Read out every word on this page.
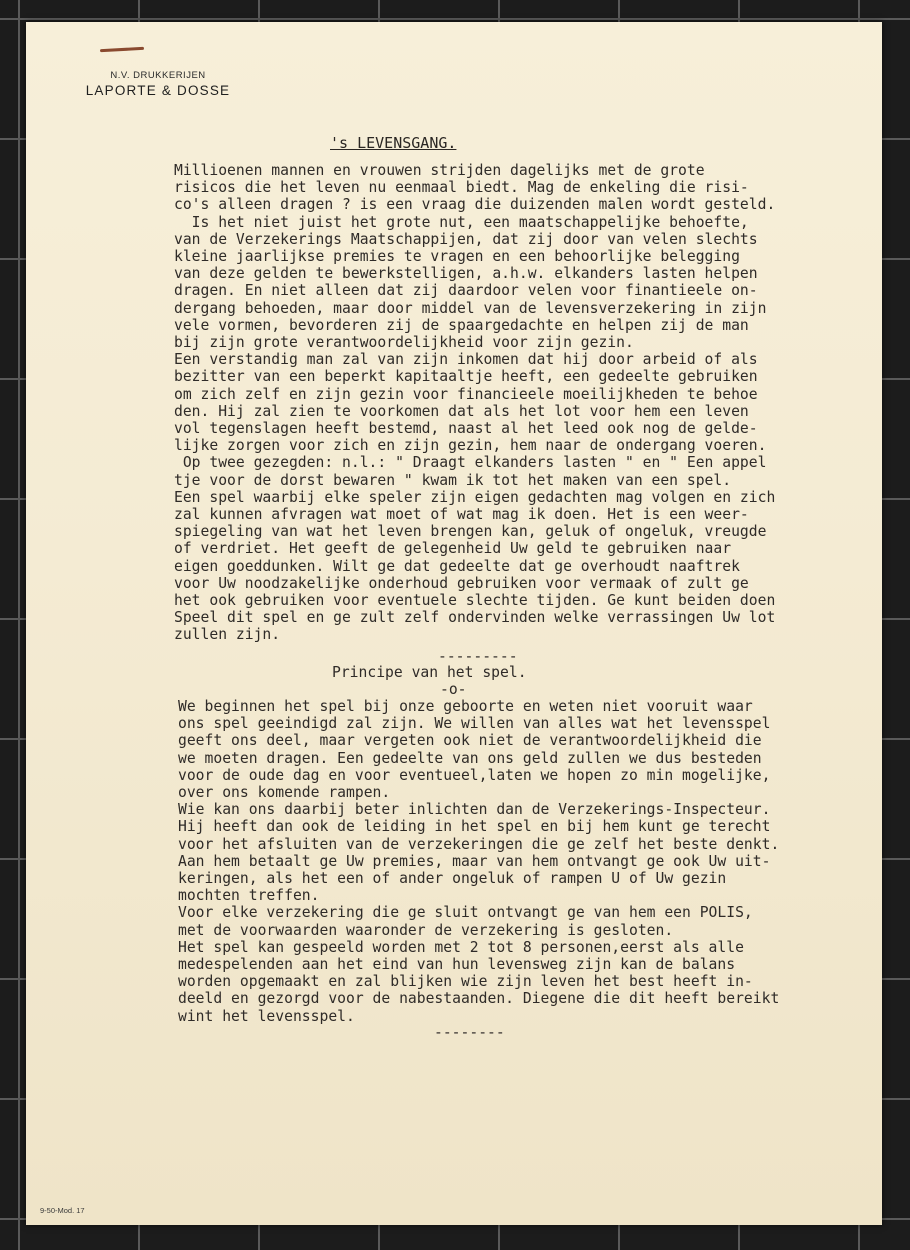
N.V. DRUKKERIJEN
LAPORTE & DOSSE
's LEVENSGANG.
Millioenen mannen en vrouwen strijden dagelijks met de grote
risicos die het leven nu eenmaal biedt. Mag de enkeling die risi-
co's alleen dragen ? is een vraag die duizenden malen wordt gesteld.
Is het niet juist het grote nut, een maatschappelijke behoefte,
van de Verzekerings Maatschappijen, dat zij door van velen slechts
kleine jaarlijkse premies te vragen en een behoorlijke belegging
van deze gelden te bewerkstelligen, a.h.w. elkanders lasten helpen
dragen. En niet alleen dat zij daardoor velen voor finantieele on-
dergang behoeden, maar door middel van de levensverzekering in zijn
vele vormen, bevorderen zij de spaargedachte en helpen zij de man
bij zijn grote verantwoordelijkheid voor zijn gezin.
Een verstandig man zal van zijn inkomen dat hij door arbeid of als
bezitter van een beperkt kapitaaltje heeft, een gedeelte gebruiken
om zich zelf en zijn gezin voor financieele moeilijkheden te behoe
den. Hij zal zien te voorkomen dat als het lot voor hem een leven
vol tegenslagen heeft bestemd, naast al het leed ook nog de gelde-
lijke zorgen voor zich en zijn gezin, hem naar de ondergang voeren.
Op twee gezegden: n.l.: " Draagt elkanders lasten " en " Een appel
tje voor de dorst bewaren " kwam ik tot het maken van een spel.
Een spel waarbij elke speler zijn eigen gedachten mag volgen en zich
zal kunnen afvragen wat moet of wat mag ik doen. Het is een weer-
spiegeling van wat het leven brengen kan, geluk of ongeluk, vreugde
of verdriet. Het geeft de gelegenheid Uw geld te gebruiken naar
eigen goeddunken. Wilt ge dat gedeelte dat ge overhoudt naaftrek
voor Uw noodzakelijke onderhoud gebruiken voor vermaak of zult ge
het ook gebruiken voor eventuele slechte tijden. Ge kunt beiden doen
Speel dit spel en ge zult zelf ondervinden welke verrassingen Uw lot
zullen zijn.
---------
Principe van het spel.
-o-
We beginnen het spel bij onze geboorte en weten niet vooruit waar
ons spel geeindigd zal zijn. We willen van alles wat het levensspel
geeft ons deel, maar vergeten ook niet de verantwoordelijkheid die
we moeten dragen. Een gedeelte van ons geld zullen we dus besteden
voor de oude dag en voor eventueel,laten we hopen zo min mogelijke,
over ons komende rampen.
Wie kan ons daarbij beter inlichten dan de Verzekerings-Inspecteur.
Hij heeft dan ook de leiding in het spel en bij hem kunt ge terecht
voor het afsluiten van de verzekeringen die ge zelf het beste denkt.
Aan hem betaalt ge Uw premies, maar van hem ontvangt ge ook Uw uit-
keringen, als het een of ander ongeluk of rampen U of Uw gezin
mochten treffen.
Voor elke verzekering die ge sluit ontvangt ge van hem een POLIS,
met de voorwaarden waaronder de verzekering is gesloten.
Het spel kan gespeeld worden met 2 tot 8 personen,eerst als alle
medespelenden aan het eind van hun levensweg zijn kan de balans
worden opgemaakt en zal blijken wie zijn leven het best heeft in-
deeld en gezorgd voor de nabestaanden. Diegene die dit heeft bereikt
wint het levensspel.
--------
9-50-Mod. 17
